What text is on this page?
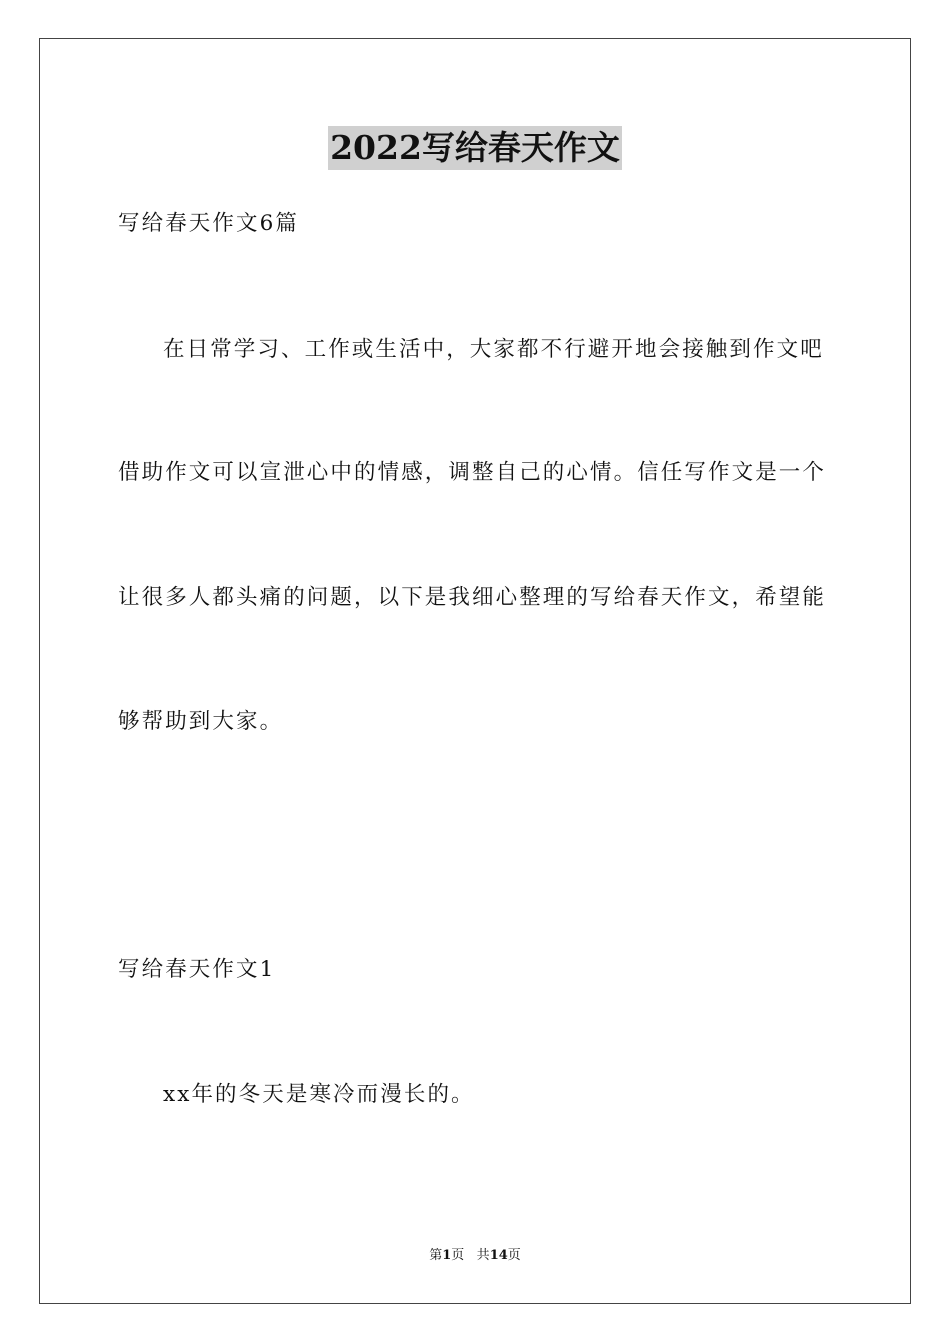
2022写给春天作文
写给春天作文6篇
在日常学习、工作或生活中，大家都不行避开地会接触到作文吧
借助作文可以宣泄心中的情感，调整自己的心情。信任写作文是一个
让很多人都头痛的问题，以下是我细心整理的写给春天作文，希望能
够帮助到大家。
写给春天作文1
xx年的冬天是寒冷而漫长的。
第1页 共14页
